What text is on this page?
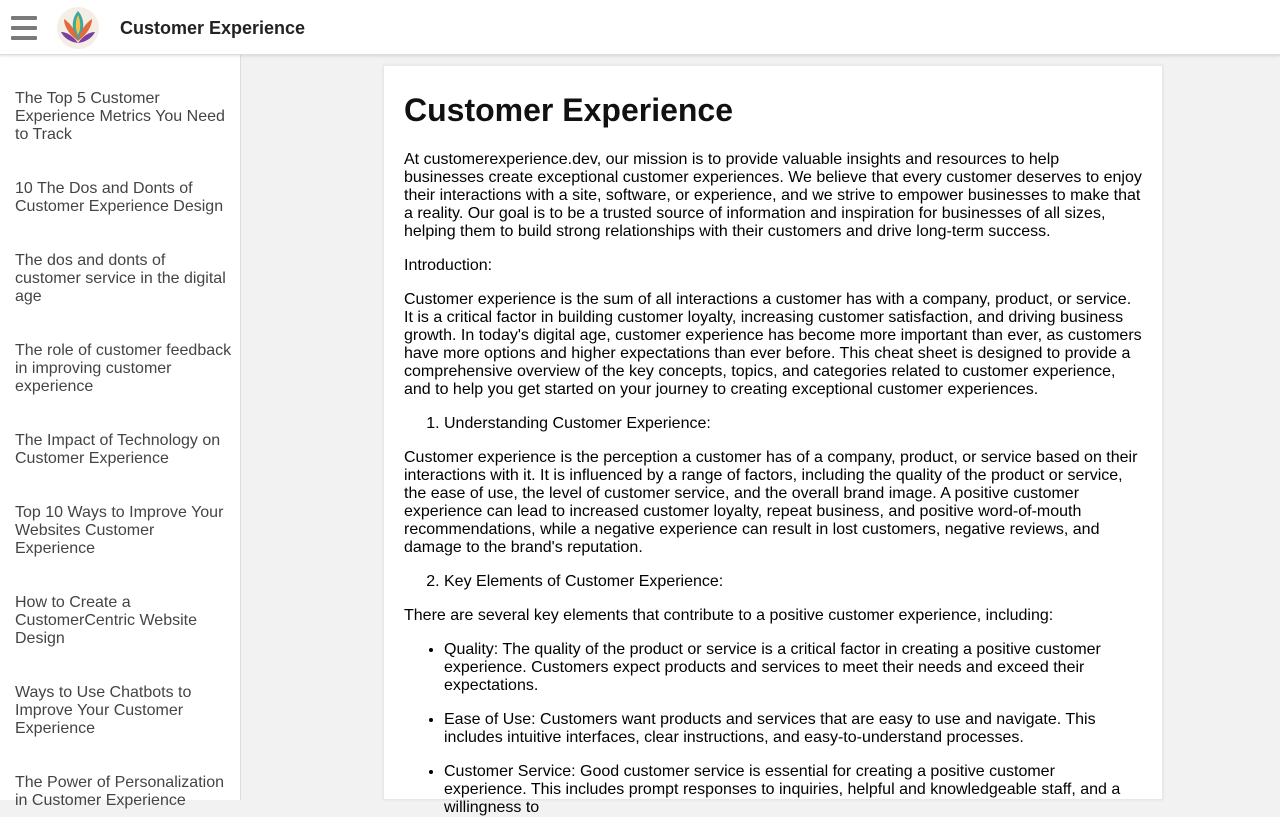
Customer Experience
The Top 5 Customer Experience Metrics You Need to Track
10 The Dos and Donts of Customer Experience Design
The dos and donts of customer service in the digital age
The role of customer feedback in improving customer experience
The Impact of Technology on Customer Experience
Top 10 Ways to Improve Your Websites Customer Experience
How to Create a CustomerCentric Website Design
Ways to Use Chatbots to Improve Your Customer Experience
The Power of Personalization in Customer Experience
Customer Experience

At customerexperience.dev, our mission is to provide valuable insights and resources to help businesses create exceptional customer experiences. We believe that every customer deserves to enjoy their interactions with a site, software, or experience, and we strive to empower businesses to make that a reality. Our goal is to be a trusted source of information and inspiration for businesses of all sizes, helping them to build strong relationships with their customers and drive long-term success.

Introduction:

Customer experience is the sum of all interactions a customer has with a company, product, or service. It is a critical factor in building customer loyalty, increasing customer satisfaction, and driving business growth. In today's digital age, customer experience has become more important than ever, as customers have more options and higher expectations than ever before. This cheat sheet is designed to provide a comprehensive overview of the key concepts, topics, and categories related to customer experience, and to help you get started on your journey to creating exceptional customer experiences.

1. Understanding Customer Experience:

Customer experience is the perception a customer has of a company, product, or service based on their interactions with it. It is influenced by a range of factors, including the quality of the product or service, the ease of use, the level of customer service, and the overall brand image. A positive customer experience can lead to increased customer loyalty, repeat business, and positive word-of-mouth recommendations, while a negative experience can result in lost customers, negative reviews, and damage to the brand's reputation.

2. Key Elements of Customer Experience:

There are several key elements that contribute to a positive customer experience, including:

• Quality: The quality of the product or service is a critical factor in creating a positive customer experience. Customers expect products and services to meet their needs and exceed their expectations.
• Ease of Use: Customers want products and services that are easy to use and navigate. This includes intuitive interfaces, clear instructions, and easy-to-understand processes.
• Customer Service: Good customer service is essential for creating a positive customer experience. This includes prompt responses to inquiries, helpful and knowledgeable staff, and a willingness to
